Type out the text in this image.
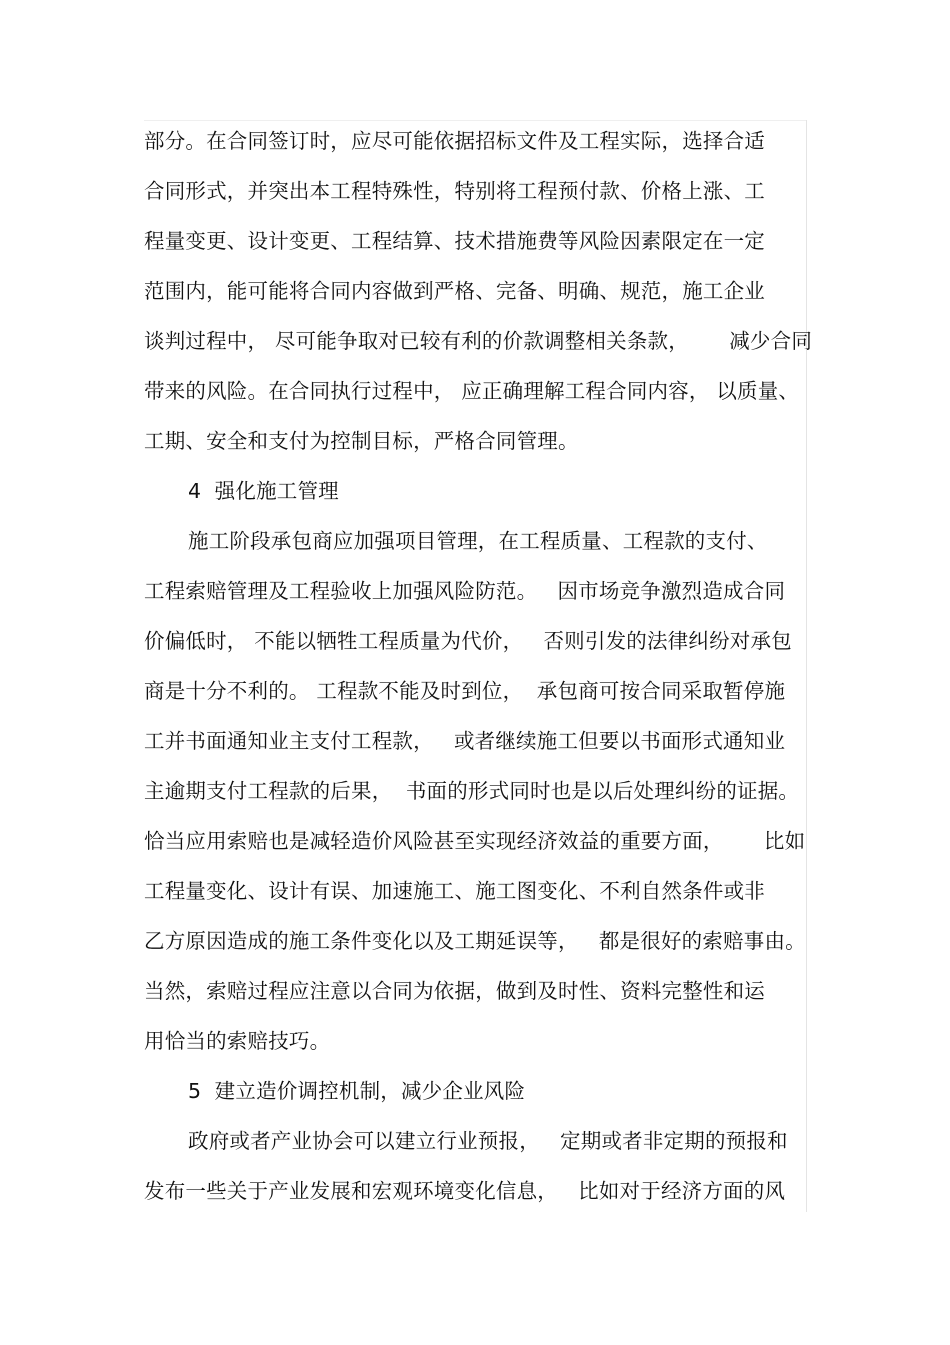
部分。在合同签订时，应尽可能依据招标文件及工程实际，选择合适
合同形式，并突出本工程特殊性，特别将工程预付款、价格上涨、工
程量变更、设计变更、工程结算、技术措施费等风险因素限定在一定
范围内，能可能将合同内容做到严格、完备、明确、规范，施工企业
谈判过程中， 尽可能争取对已较有利的价款调整相关条款，      减少合同
带来的风险。在合同执行过程中， 应正确理解工程合同内容， 以质量、
工期、安全和支付为控制目标，严格合同管理。
4  强化施工管理
施工阶段承包商应加强项目管理，在工程质量、工程款的支付、
工程索赔管理及工程验收上加强风险防范。   因市场竞争激烈造成合同
价偏低时， 不能以牺牲工程质量为代价，   否则引发的法律纠纷对承包
商是十分不利的。 工程款不能及时到位，  承包商可按合同采取暂停施
工并书面通知业主支付工程款，   或者继续施工但要以书面形式通知业
主逾期支付工程款的后果，  书面的形式同时也是以后处理纠纷的证据。
恰当应用索赔也是减轻造价风险甚至实现经济效益的重要方面，      比如
工程量变化、设计有误、加速施工、施工图变化、不利自然条件或非
乙方原因造成的施工条件变化以及工期延误等，   都是很好的索赔事由。
当然，索赔过程应注意以合同为依据，做到及时性、资料完整性和运
用恰当的索赔技巧。
5  建立造价调控机制，减少企业风险
政府或者产业协会可以建立行业预报，   定期或者非定期的预报和
发布一些关于产业发展和宏观环境变化信息，   比如对于经济方面的风
